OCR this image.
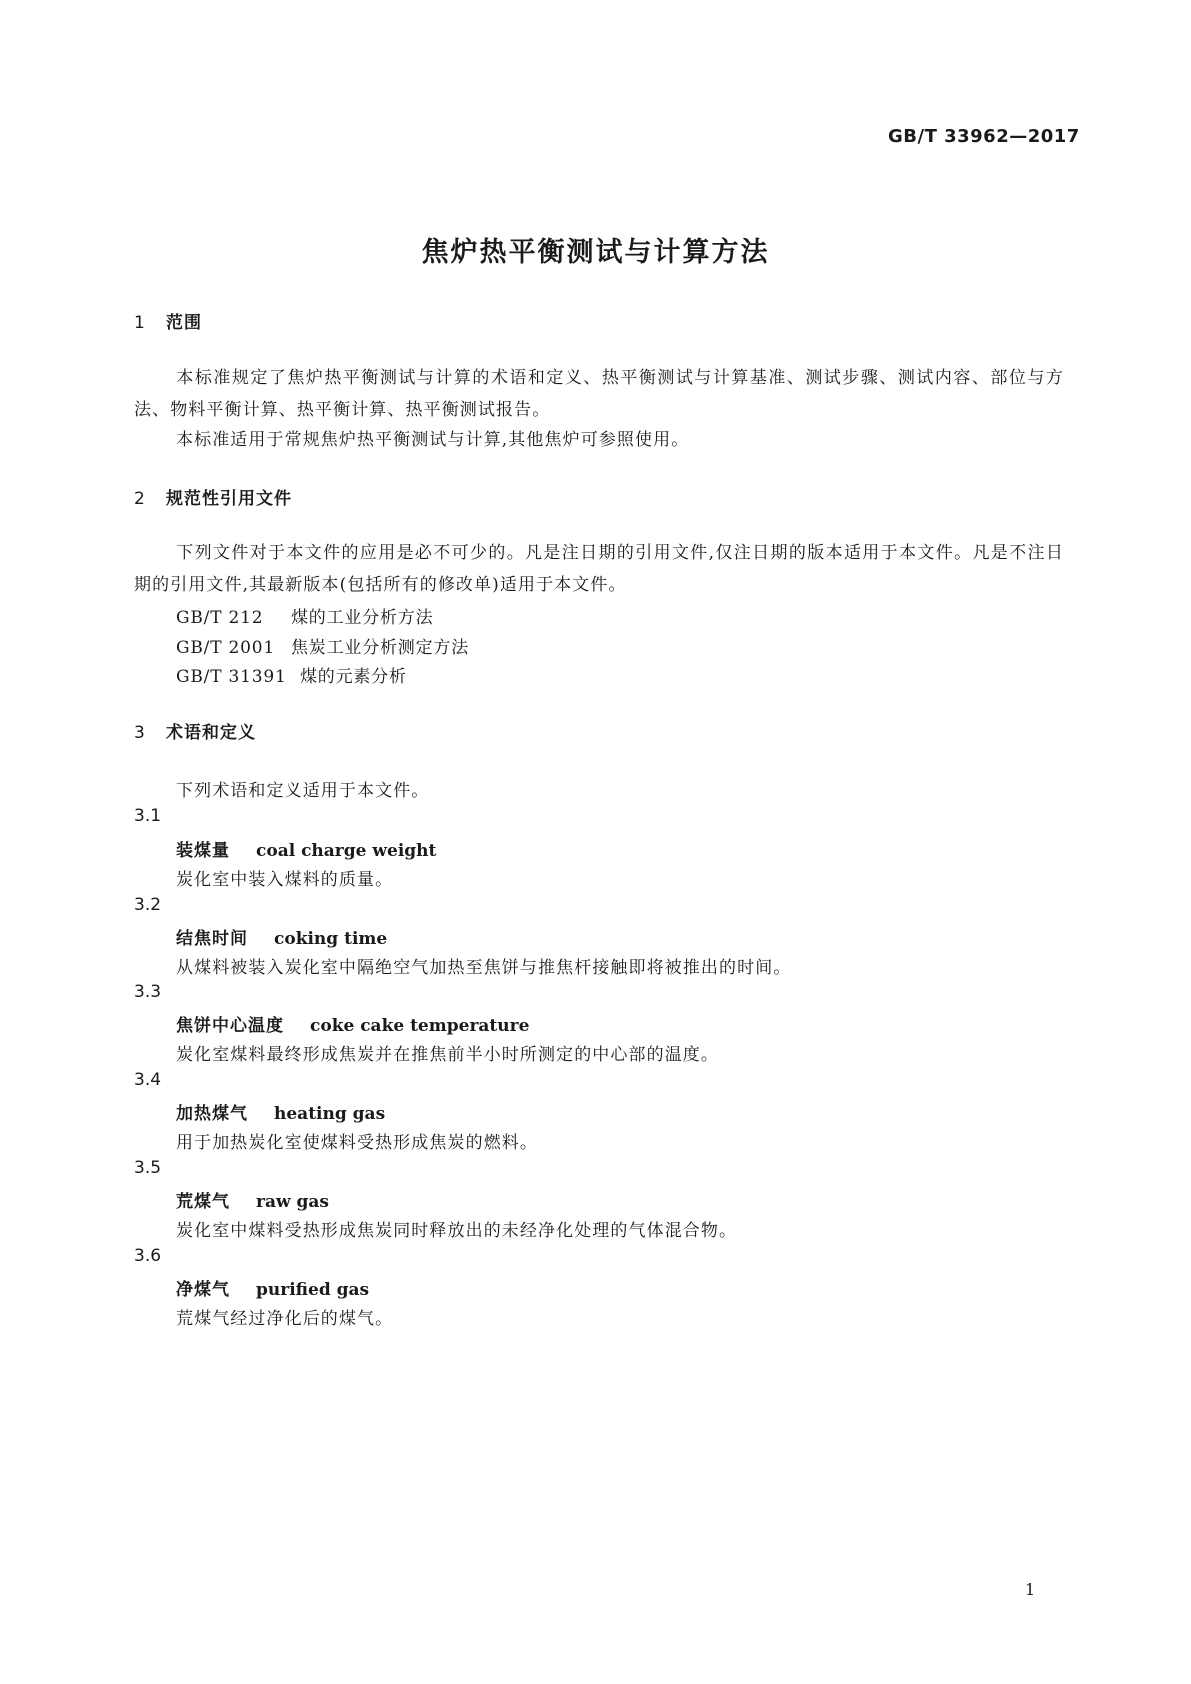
GB/T 33962—2017
焦炉热平衡测试与计算方法
1 范围
本标准规定了焦炉热平衡测试与计算的术语和定义、热平衡测试与计算基准、测试步骤、测试内容、部位与方法、物料平衡计算、热平衡计算、热平衡测试报告。
本标准适用于常规焦炉热平衡测试与计算,其他焦炉可参照使用。
2 规范性引用文件
下列文件对于本文件的应用是必不可少的。凡是注日期的引用文件,仅注日期的版本适用于本文件。凡是不注日期的引用文件,其最新版本(包括所有的修改单)适用于本文件。
GB/T 212 煤的工业分析方法
GB/T 2001 焦炭工业分析测定方法
GB/T 31391 煤的元素分析
3 术语和定义
下列术语和定义适用于本文件。
3.1
装煤量 coal charge weight
炭化室中装入煤料的质量。
3.2
结焦时间 coking time
从煤料被装入炭化室中隔绝空气加热至焦饼与推焦杆接触即将被推出的时间。
3.3
焦饼中心温度 coke cake temperature
炭化室煤料最终形成焦炭并在推焦前半小时所测定的中心部的温度。
3.4
加热煤气 heating gas
用于加热炭化室使煤料受热形成焦炭的燃料。
3.5
荒煤气 raw gas
炭化室中煤料受热形成焦炭同时释放出的未经净化处理的气体混合物。
3.6
净煤气 purified gas
荒煤气经过净化后的煤气。
1
